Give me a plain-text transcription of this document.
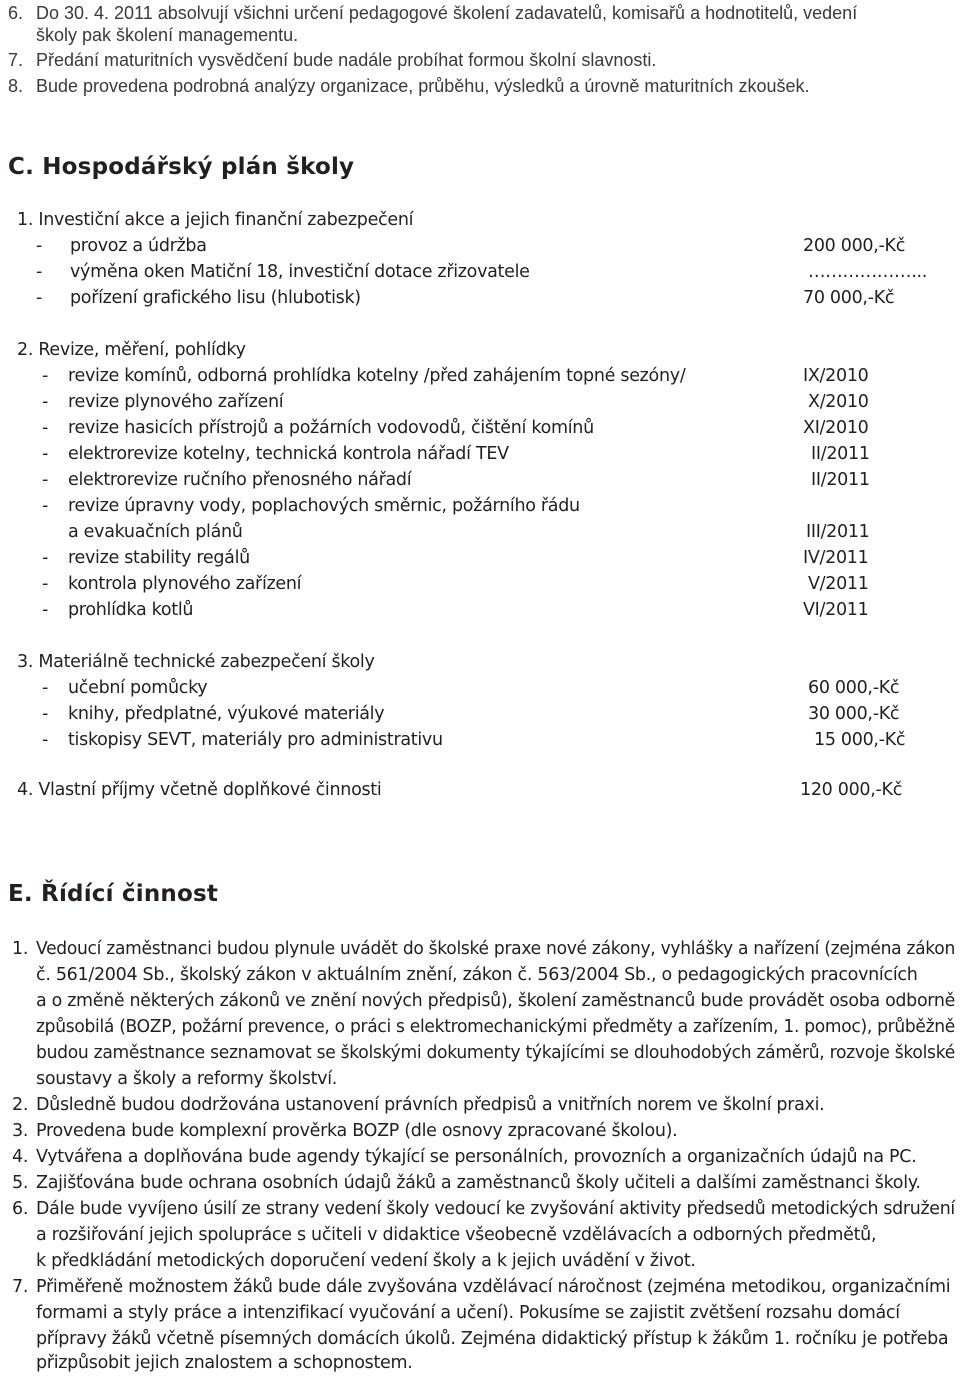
6. Do 30. 4. 2011 absolvují všichni určení pedagogové školení zadavatelů, komisařů a hodnotitelů, vedení
školy pak školení managementu.
7. Předání maturitních vysvědčení bude nadále probíhat formou školní slavnosti.
8. Bude provedena podrobná analýzy organizace, průběhu, výsledků a úrovně maturitních zkoušek.
C. Hospodářský plán školy
1. Investiční akce a jejich finanční zabezpečení
- provoz a údržba	200 000,-Kč
- výměna oken Matiční 18, investiční dotace zřizovatele	………………...
- pořízení grafického lisu (hlubotisk)	70 000,-Kč
2. Revize, měření, pohlídky
- revize komínů, odborná prohlídka kotelny /před zahájením topné sezóny/	IX/2010
- revize plynového zařízení	X/2010
- revize hasicích přístrojů a požárních vodovodů, čištění komínů	XI/2010
- elektrorevize kotelny, technická kontrola nářadí TEV	II/2011
- elektrorevize ručního přenosného nářadí	II/2011
- revize úpravny vody, poplachových směrnic, požárního řádu
a evakuačních plánů	III/2011
- revize stability regálů	IV/2011
- kontrola plynového zařízení	V/2011
- prohlídka kotlů	VI/2011
3. Materiálně technické zabezpečení školy
- učební pomůcky	60 000,-Kč
- knihy, předplatné, výukové materiály	30 000,-Kč
- tiskopisy SEVT, materiály pro administrativu	15 000,-Kč
4. Vlastní příjmy včetně doplňkové činnosti	120 000,-Kč
E. Řídící činnost
1. Vedoucí zaměstnanci budou plynule uvádět do školské praxe nové zákony, vyhlášky a nařízení (zejména zákon
č. 561/2004 Sb., školský zákon v aktuálním znění, zákon č. 563/2004 Sb., o pedagogických pracovnících
a o změně některých zákonů ve znění nových předpisů), školení zaměstnanců bude provádět osoba odborně
způsobilá (BOZP, požární prevence, o práci s elektromechanickými předměty a zařízením, 1. pomoc), průběžně
budou zaměstnance seznamovat se školskými dokumenty týkajícími se dlouhodobých záměrů, rozvoje školské
soustavy a školy a reformy školství.
2. Důsledně budou dodržována ustanovení právních předpisů a vnitřních norem ve školní praxi.
3. Provedena bude komplexní prověrka BOZP (dle osnovy zpracované školou).
4. Vytvářena a doplňována bude agendy týkající se personálních, provozních a organizačních údajů na PC.
5. Zajišťována bude ochrana osobních údajů žáků a zaměstnanců školy učiteli a dalšími zaměstnanci školy.
6. Dále bude vyvíjeno úsilí ze strany vedení školy vedoucí ke zvyšování aktivity předsedů metodických sdružení
a rozšiřování jejich spolupráce s učiteli v didaktice všeobecně vzdělávacích a odborných předmětů,
k předkládání metodických doporučení vedení školy a k jejich uvádění v život.
7. Přiměřeně možnostem žáků bude dále zvyšována vzdělávací náročnost (zejména metodikou, organizačními
formami a styly práce a intenzifikací vyučování a učení). Pokusíme se zajistit zvětšení rozsahu domácí
přípravy žáků včetně písemných domácích úkolů. Zejména didaktický přístup k žákům 1. ročníku je potřeba
přizpůsobit jejich znalostem a schopnostem.
